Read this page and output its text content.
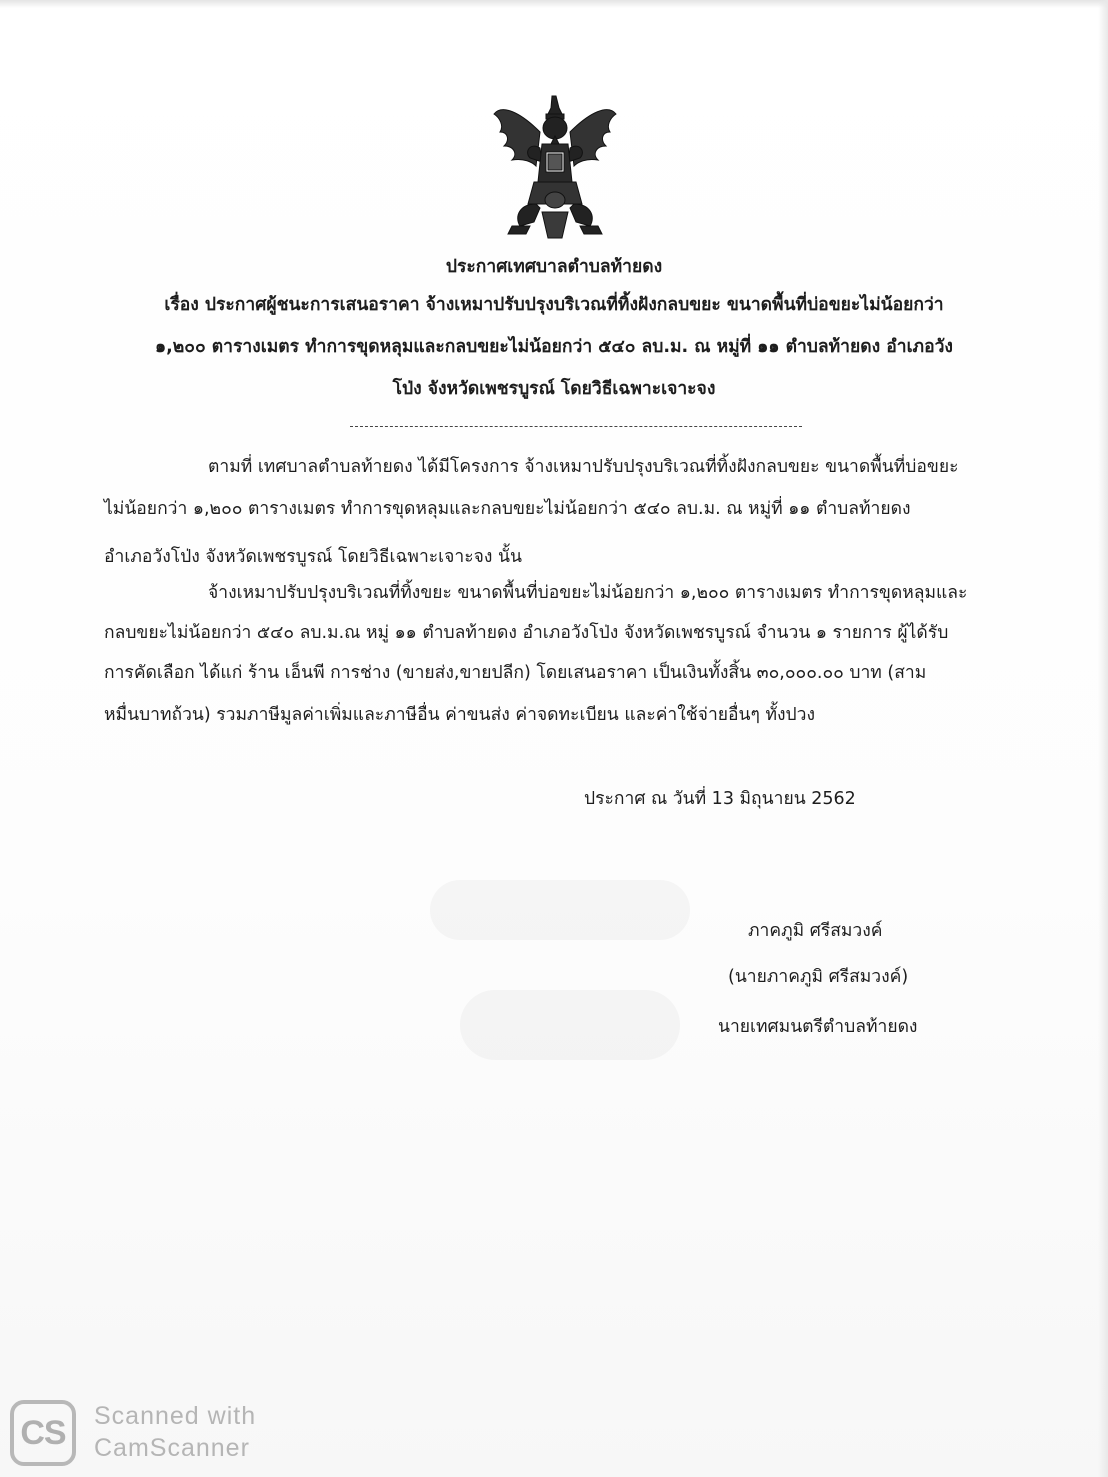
ประกาศเทศบาลตำบลท้ายดง
เรื่อง ประกาศผู้ชนะการเสนอราคา จ้างเหมาปรับปรุงบริเวณที่ทิ้งฝังกลบขยะ ขนาดพื้นที่บ่อขยะไม่น้อยกว่า
๑,๒๐๐ ตารางเมตร ทำการขุดหลุมและกลบขยะไม่น้อยกว่า ๕๔๐ ลบ.ม. ณ หมู่ที่ ๑๑ ตำบลท้ายดง อำเภอวัง
โป่ง จังหวัดเพชรบูรณ์ โดยวิธีเฉพาะเจาะจง
ตามที่ เทศบาลตำบลท้ายดง ได้มีโครงการ จ้างเหมาปรับปรุงบริเวณที่ทิ้งฝังกลบขยะ ขนาดพื้นที่บ่อขยะ
ไม่น้อยกว่า ๑,๒๐๐ ตารางเมตร ทำการขุดหลุมและกลบขยะไม่น้อยกว่า ๕๔๐ ลบ.ม. ณ หมู่ที่ ๑๑ ตำบลท้ายดง
อำเภอวังโป่ง จังหวัดเพชรบูรณ์ โดยวิธีเฉพาะเจาะจง นั้น
จ้างเหมาปรับปรุงบริเวณที่ทิ้งขยะ ขนาดพื้นที่บ่อขยะไม่น้อยกว่า ๑,๒๐๐ ตารางเมตร ทำการขุดหลุมและ
กลบขยะไม่น้อยกว่า ๕๔๐ ลบ.ม.ณ หมู่ ๑๑ ตำบลท้ายดง อำเภอวังโป่ง จังหวัดเพชรบูรณ์ จำนวน ๑ รายการ ผู้ได้รับ
การคัดเลือก ได้แก่ ร้าน เอ็นพี การช่าง (ขายส่ง,ขายปลีก) โดยเสนอราคา เป็นเงินทั้งสิ้น ๓๐,๐๐๐.๐๐ บาท (สาม
หมื่นบาทถ้วน) รวมภาษีมูลค่าเพิ่มและภาษีอื่น ค่าขนส่ง ค่าจดทะเบียน และค่าใช้จ่ายอื่นๆ ทั้งปวง
ประกาศ ณ วันที่ 13 มิถุนายน 2562
ภาคภูมิ ศรีสมวงค์
(นายภาคภูมิ ศรีสมวงค์)
นายเทศมนตรีตำบลท้ายดง
CS	Scanned with
CamScanner
